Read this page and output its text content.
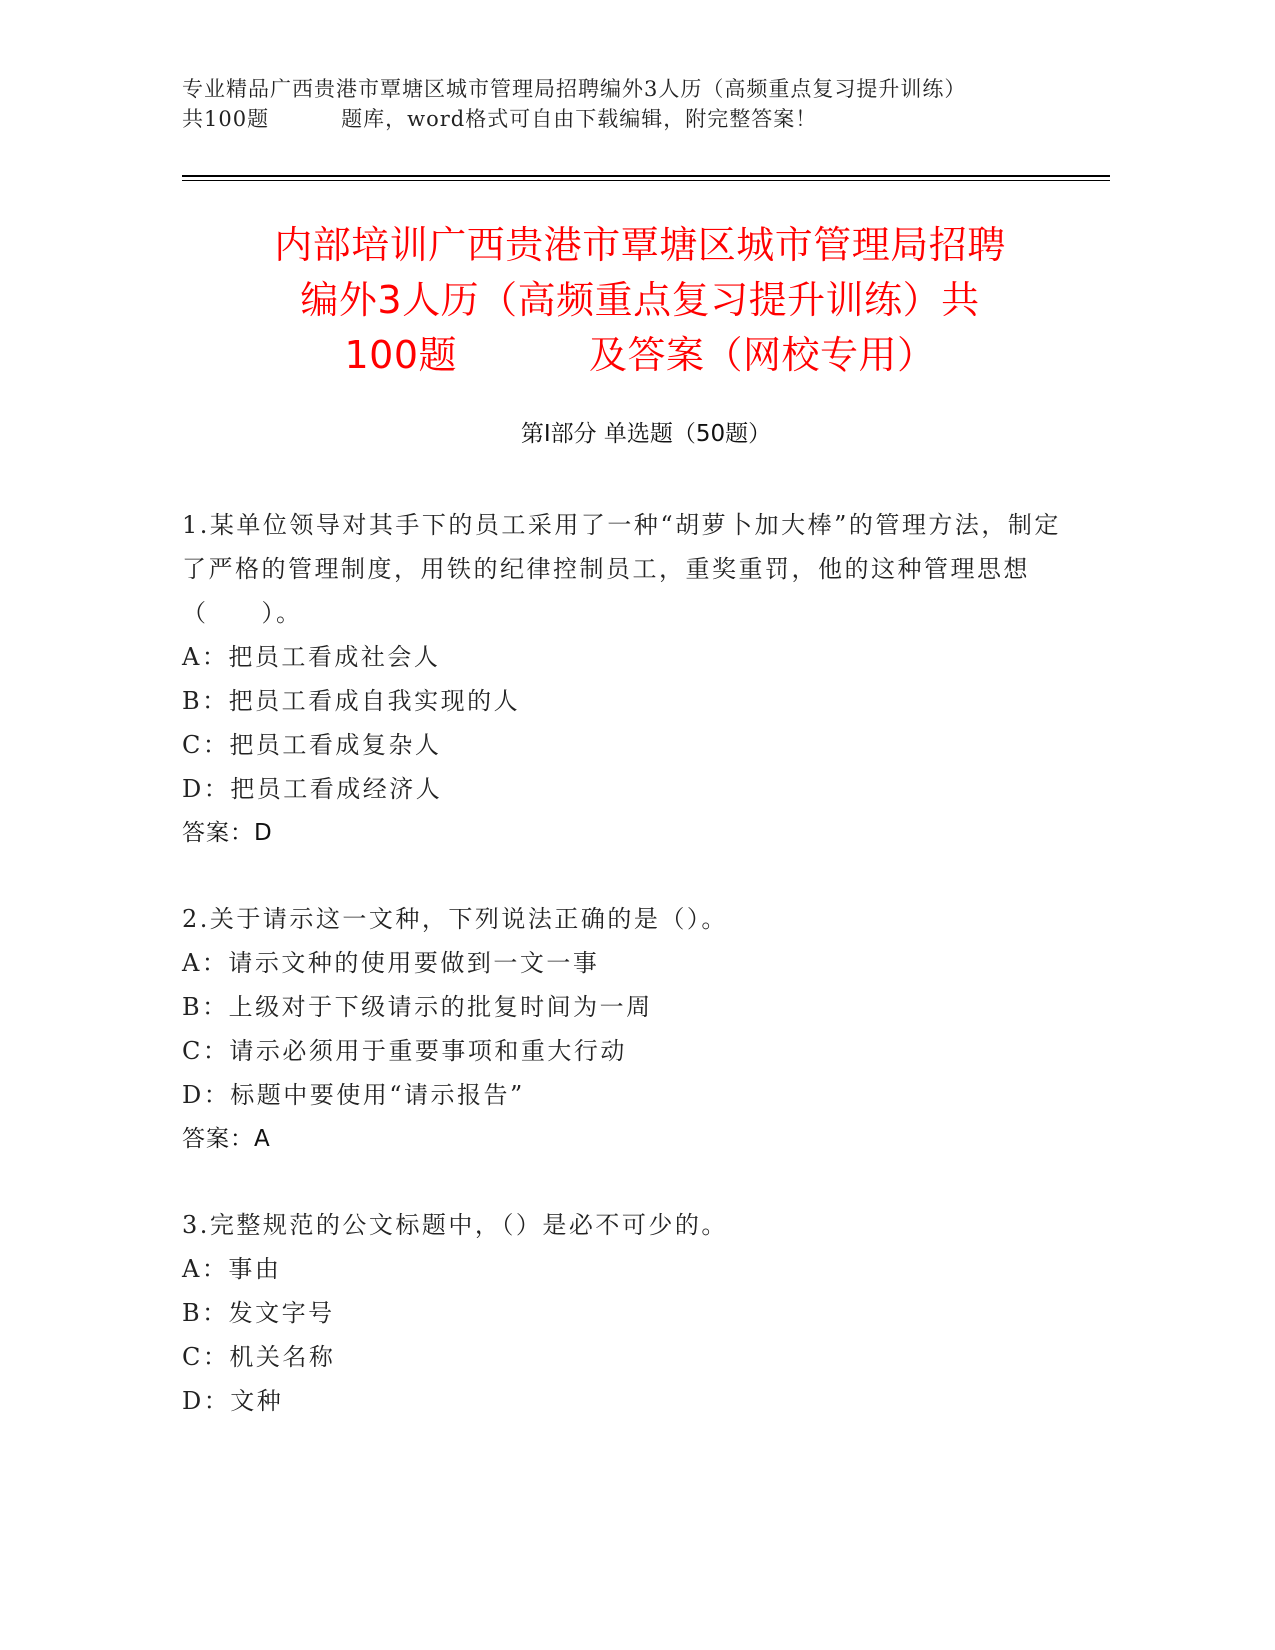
专业精品广西贵港市覃塘区城市管理局招聘编外3人历（高频重点复习提升训练）
共100题	题库，word格式可自由下载编辑，附完整答案！
内部培训广西贵港市覃塘区城市管理局招聘
编外3人历（高频重点复习提升训练）共
100题	及答案（网校专用）
第Ⅰ部分 单选题（50题）
1.某单位领导对其手下的员工采用了一种“胡萝卜加大棒”的管理方法，制定了严格的管理制度，用铁的纪律控制员工，重奖重罚，他的这种管理思想（　　）。
A：把员工看成社会人
B：把员工看成自我实现的人
C：把员工看成复杂人
D：把员工看成经济人
答案：D
2.关于请示这一文种，下列说法正确的是（）。
A：请示文种的使用要做到一文一事
B：上级对于下级请示的批复时间为一周
C：请示必须用于重要事项和重大行动
D：标题中要使用“请示报告”
答案：A
3.完整规范的公文标题中，（）是必不可少的。
A：事由
B：发文字号
C：机关名称
D：文种
